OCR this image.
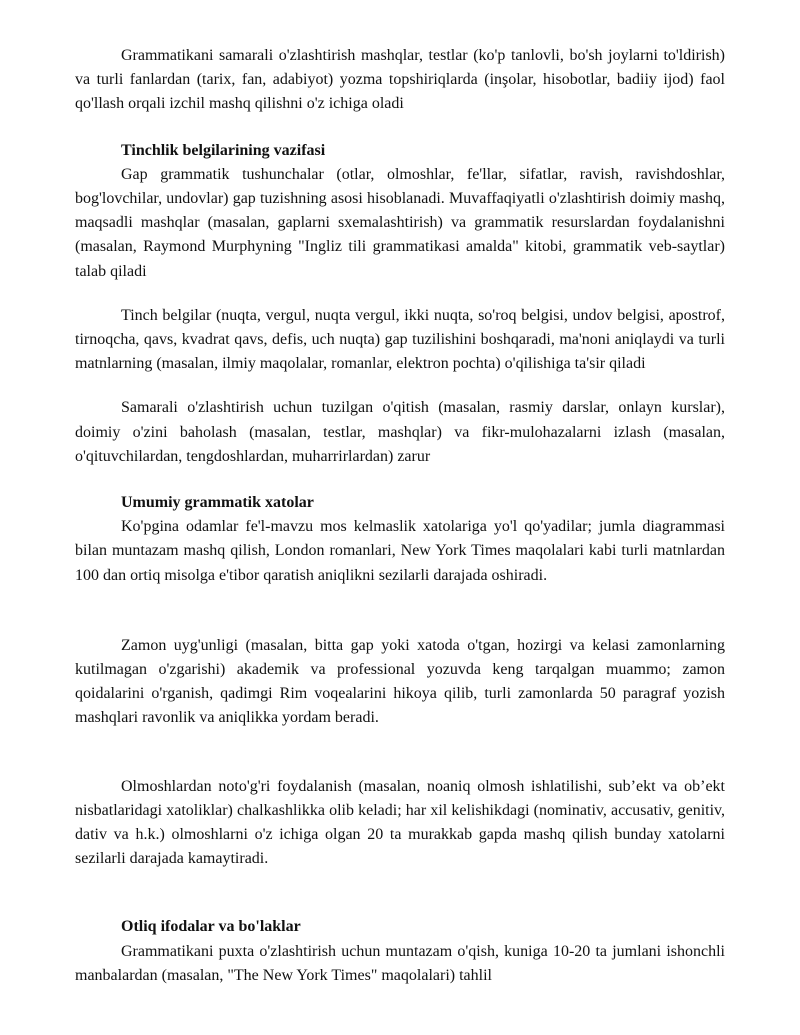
Grammatikani samarali o'zlashtirish mashqlar, testlar (ko'p tanlovli, bo'sh joylarni to'ldirish) va turli fanlardan (tarix, fan, adabiyot) yozma topshiriqlarda (inşolar, hisobotlar, badiiy ijod) faol qo'llash orqali izchil mashq qilishni o'z ichiga oladi

Tinchlik belgilarining vazifasi

Gap grammatik tushunchalar (otlar, olmoshlar, fe'llar, sifatlar, ravish, ravishdoshlar, bog'lovchilar, undovlar) gap tuzishning asosi hisoblanadi. Muvaffaqiyatli o'zlashtirish doimiy mashq, maqsadli mashqlar (masalan, gaplarni sxemalashtirish) va grammatik resurslardan foydalanishni (masalan, Raymond Murphyning "Ingliz tili grammatikasi amalda" kitobi, grammatik veb-saytlar) talab qiladi

Tinch belgilar (nuqta, vergul, nuqta vergul, ikki nuqta, so'roq belgisi, undov belgisi, apostrof, tirnoqcha, qavs, kvadrat qavs, defis, uch nuqta) gap tuzilishini boshqaradi, ma'noni aniqlaydi va turli matnlarning (masalan, ilmiy maqolalar, romanlar, elektron pochta) o'qilishiga ta'sir qiladi

Samarali o'zlashtirish uchun tuzilgan o'qitish (masalan, rasmiy darslar, onlayn kurslar), doimiy o'zini baholash (masalan, testlar, mashqlar) va fikr-mulohazalarni izlash (masalan, o'qituvchilardan, tengdoshlardan, muharrirlardan) zarur

Umumiy grammatik xatolar

Ko'pgina odamlar fe'l-mavzu mos kelmaslik xatolariga yo'l qo'yadilar; jumla diagrammasi bilan muntazam mashq qilish, London romanlari, New York Times maqolalari kabi turli matnlardan 100 dan ortiq misolga e'tibor qaratish aniqlikni sezilarli darajada oshiradi.

Zamon uyg'unligi (masalan, bitta gap yoki xatoda o'tgan, hozirgi va kelasi zamonlarning kutilmagan o'zgarishi) akademik va professional yozuvda keng tarqalgan muammo; zamon qoidalarini o'rganish, qadimgi Rim voqealarini hikoya qilib, turli zamonlarda 50 paragraf yozish mashqlari ravonlik va aniqlikka yordam beradi.

Olmoshlardan noto'g'ri foydalanish (masalan, noaniq olmosh ishlatilishi, sub’ekt va ob’ekt nisbatlaridagi xatoliklar) chalkashlikka olib keladi; har xil kelishikdagi (nominativ, accusativ, genitiv, dativ va h.k.) olmoshlarni o'z ichiga olgan 20 ta murakkab gapda mashq qilish bunday xatolarni sezilarli darajada kamaytiradi.

Otliq ifodalar va bo'laklar

Grammatikani puxta o'zlashtirish uchun muntazam o'qish, kuniga 10-20 ta jumlani ishonchli manbalardan (masalan, "The New York Times" maqolalari) tahlil
